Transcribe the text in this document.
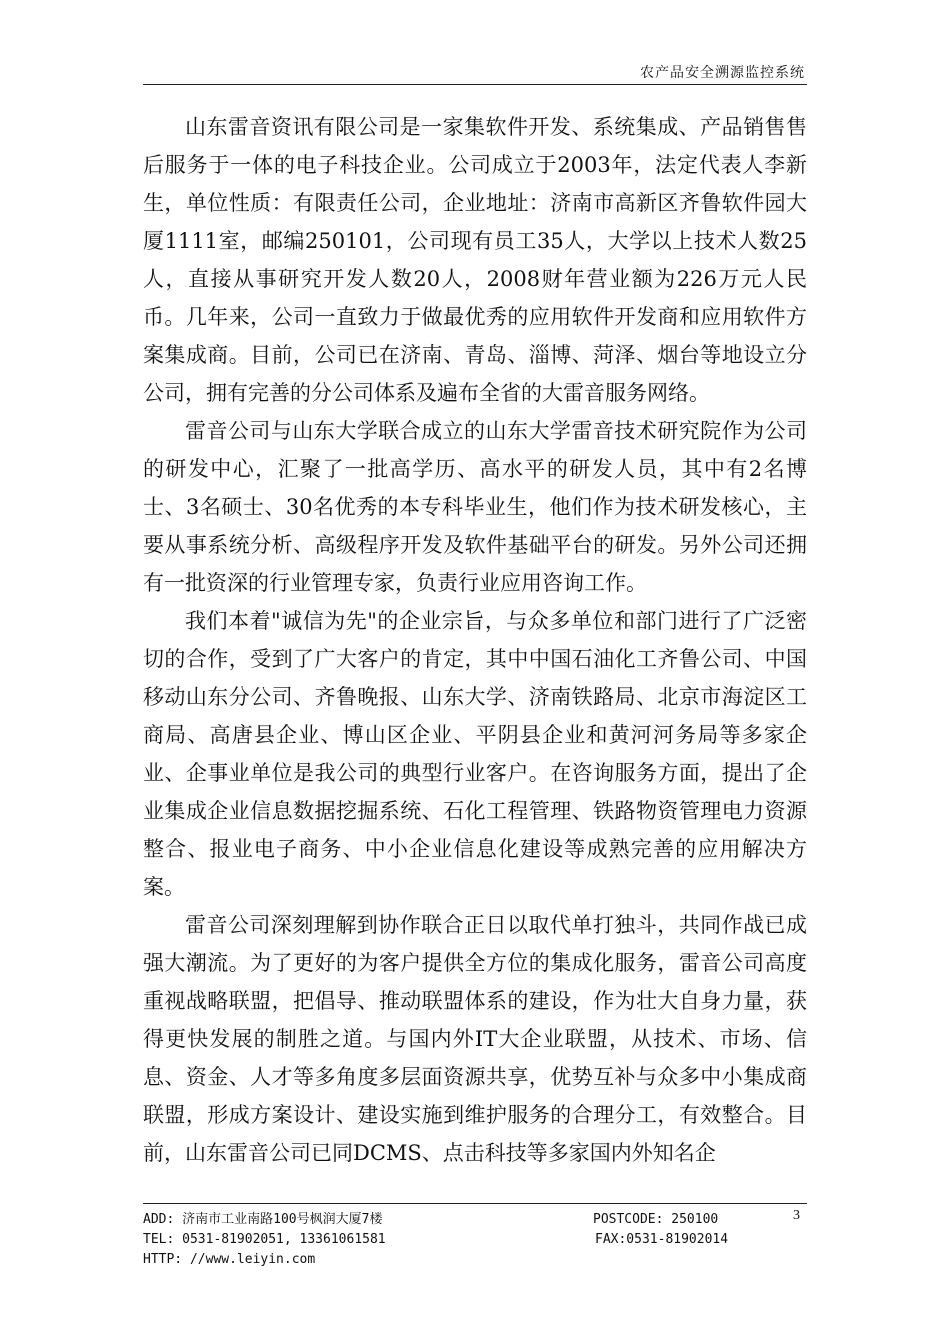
农产品安全溯源监控系统

山东雷音资讯有限公司是一家集软件开发、系统集成、产品销售售后服务于一体的电子科技企业。公司成立于2003年，法定代表人李新生，单位性质：有限责任公司，企业地址：济南市高新区齐鲁软件园大厦1111室，邮编250101，公司现有员工35人，大学以上技术人数25人，直接从事研究开发人数20人，2008财年营业额为226万元人民币。几年来，公司一直致力于做最优秀的应用软件开发商和应用软件方案集成商。目前，公司已在济南、青岛、淄博、菏泽、烟台等地设立分公司，拥有完善的分公司体系及遍布全省的大雷音服务网络。

雷音公司与山东大学联合成立的山东大学雷音技术研究院作为公司的研发中心，汇聚了一批高学历、高水平的研发人员，其中有2名博士、3名硕士、30名优秀的本专科毕业生，他们作为技术研发核心，主要从事系统分析、高级程序开发及软件基础平台的研发。另外公司还拥有一批资深的行业管理专家，负责行业应用咨询工作。

我们本着"诚信为先"的企业宗旨，与众多单位和部门进行了广泛密切的合作，受到了广大客户的肯定，其中中国石油化工齐鲁公司、中国移动山东分公司、齐鲁晚报、山东大学、济南铁路局、北京市海淀区工商局、高唐县企业、博山区企业、平阴县企业和黄河河务局等多家企业、企事业单位是我公司的典型行业客户。在咨询服务方面，提出了企业集成企业信息数据挖掘系统、石化工程管理、铁路物资管理电力资源整合、报业电子商务、中小企业信息化建设等成熟完善的应用解决方案。

雷音公司深刻理解到协作联合正日以取代单打独斗，共同作战已成强大潮流。为了更好的为客户提供全方位的集成化服务，雷音公司高度重视战略联盟，把倡导、推动联盟体系的建设，作为壮大自身力量，获得更快发展的制胜之道。与国内外IT大企业联盟，从技术、市场、信息、资金、人才等多角度多层面资源共享，优势互补与众多中小集成商联盟，形成方案设计、建设实施到维护服务的合理分工，有效整合。目前，山东雷音公司已同DCMS、点击科技等多家国内外知名企

ADD: 济南市工业南路100号枫润大厦7楼	POSTCODE: 250100
TEL: 0531-81902051, 13361061581	FAX:0531-81902014
HTTP: //www.leiyin.com
3
